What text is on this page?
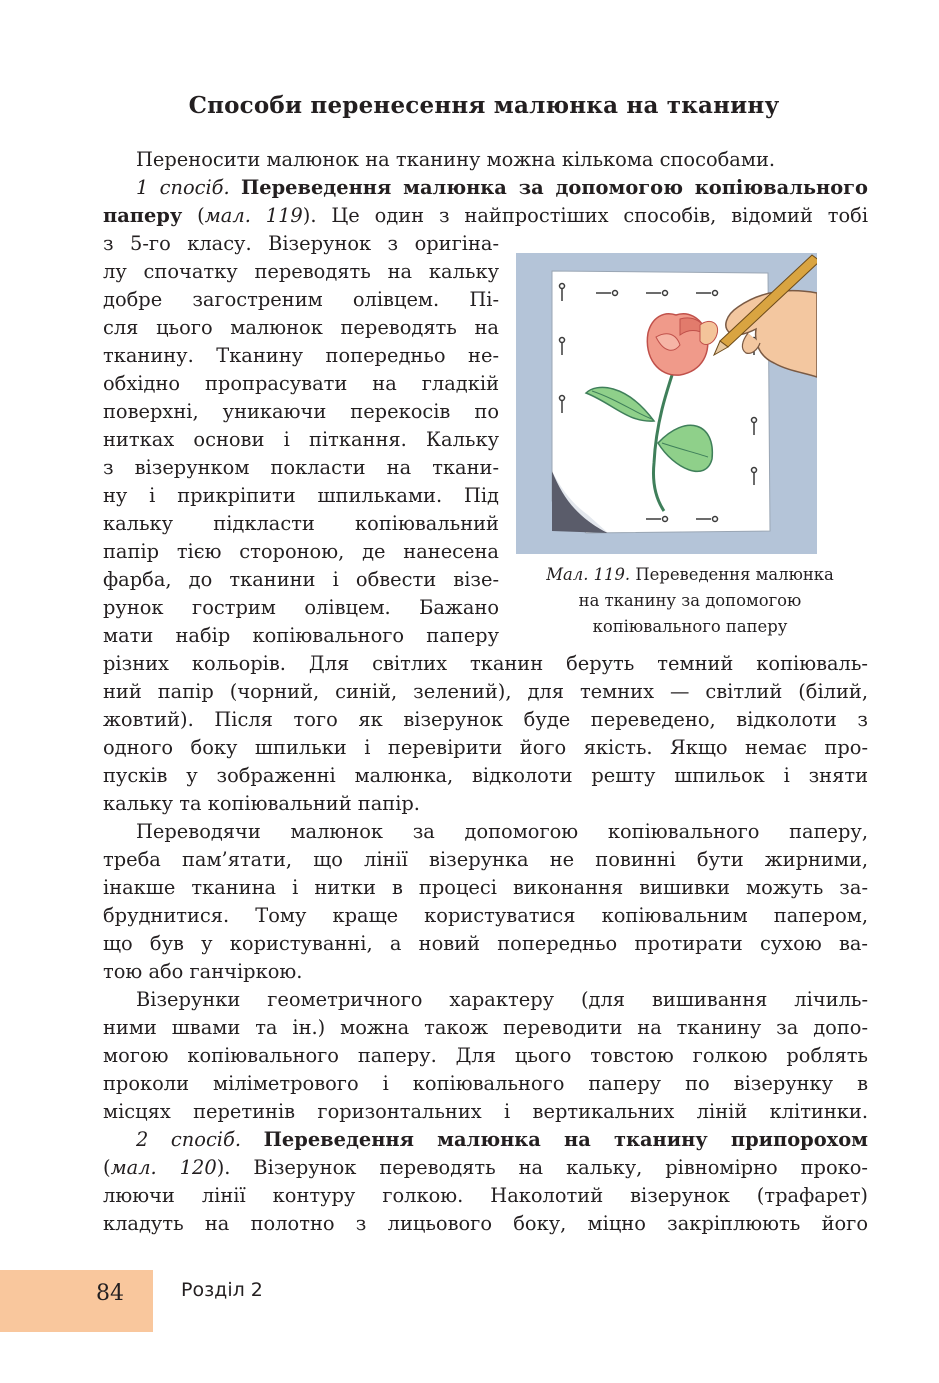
Способи перенесення малюнка на тканину
Переносити малюнок на тканину можна кількома способами.
1 спосіб. Переведення малюнка за допомогою копіювального
паперу (мал. 119). Це один з найпростіших способів, відомий тобі
з 5-го класу. Візерунок з оригіна-
лу спочатку переводять на кальку
добре загостреним олівцем. Пі-
сля цього малюнок переводять на
тканину. Тканину попередньо не-
обхідно пропрасувати на гладкій
поверхні, уникаючи перекосів по
нитках основи і піткання. Кальку
з візерунком покласти на ткани-
ну і прикріпити шпильками. Під
кальку підкласти копіювальний
папір тією стороною, де нанесена
фарба, до тканини і обвести візе-
рунок гострим олівцем. Бажано
мати набір копіювального паперу
різних кольорів. Для світлих тканин беруть темний копіюваль-
ний папір (чорний, синій, зелений), для темних — світлий (білий,
жовтий). Після того як візерунок буде переведено, відколоти з
одного боку шпильки і перевірити його якість. Якщо немає про-
пусків у зображенні малюнка, відколоти решту шпильок і зняти
кальку та копіювальний папір.
Переводячи малюнок за допомогою копіювального паперу,
треба пам’ятати, що лінії візерунка не повинні бути жирними,
інакше тканина і нитки в процесі виконання вишивки можуть за-
бруднитися. Тому краще користуватися копіювальним папером,
що був у користуванні, а новий попередньо протирати сухою ва-
тою або ганчіркою.
Візерунки геометричного характеру (для вишивання лічиль-
ними швами та ін.) можна також переводити на тканину за допо-
могою копіювального паперу. Для цього товстою голкою роблять
проколи міліметрового і копіювального паперу по візерунку в
місцях перетинів горизонтальних і вертикальних ліній клітинки.
2 спосіб. Переведення малюнка на тканину припорохом
(мал. 120). Візерунок переводять на кальку, рівномірно проко-
люючи лінії контуру голкою. Наколотий візерунок (трафарет)
кладуть на полотно з лицьового боку, міцно закріплюють його
Мал. 119. Переведення малюнка
на тканину за допомогою
копіювального паперу
84	Розділ 2
